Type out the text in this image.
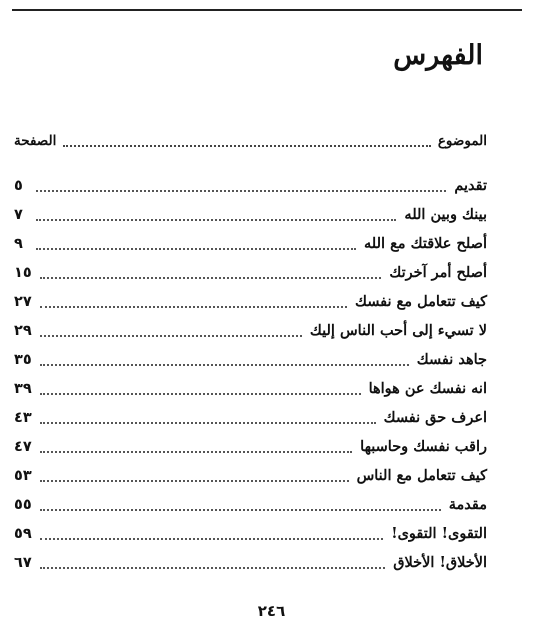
الفهرس
الموضوع
الصفحة
تقديم
٥
بينك وبين الله
٧
أصلح علاقتك مع الله
٩
أصلح أمر آخرتك
١٥
كيف تتعامل مع نفسك
٢٧
لا تسيء إلى أحب الناس إليك
٢٩
جاهد نفسك
٣٥
انه نفسك عن هواها
٣٩
اعرف حق نفسك
٤٣
راقب نفسك وحاسبها
٤٧
كيف تتعامل مع الناس
٥٣
مقدمة
٥٥
التقوى! التقوى!
٥٩
الأخلاق! الأخلاق
٦٧
٢٤٦
